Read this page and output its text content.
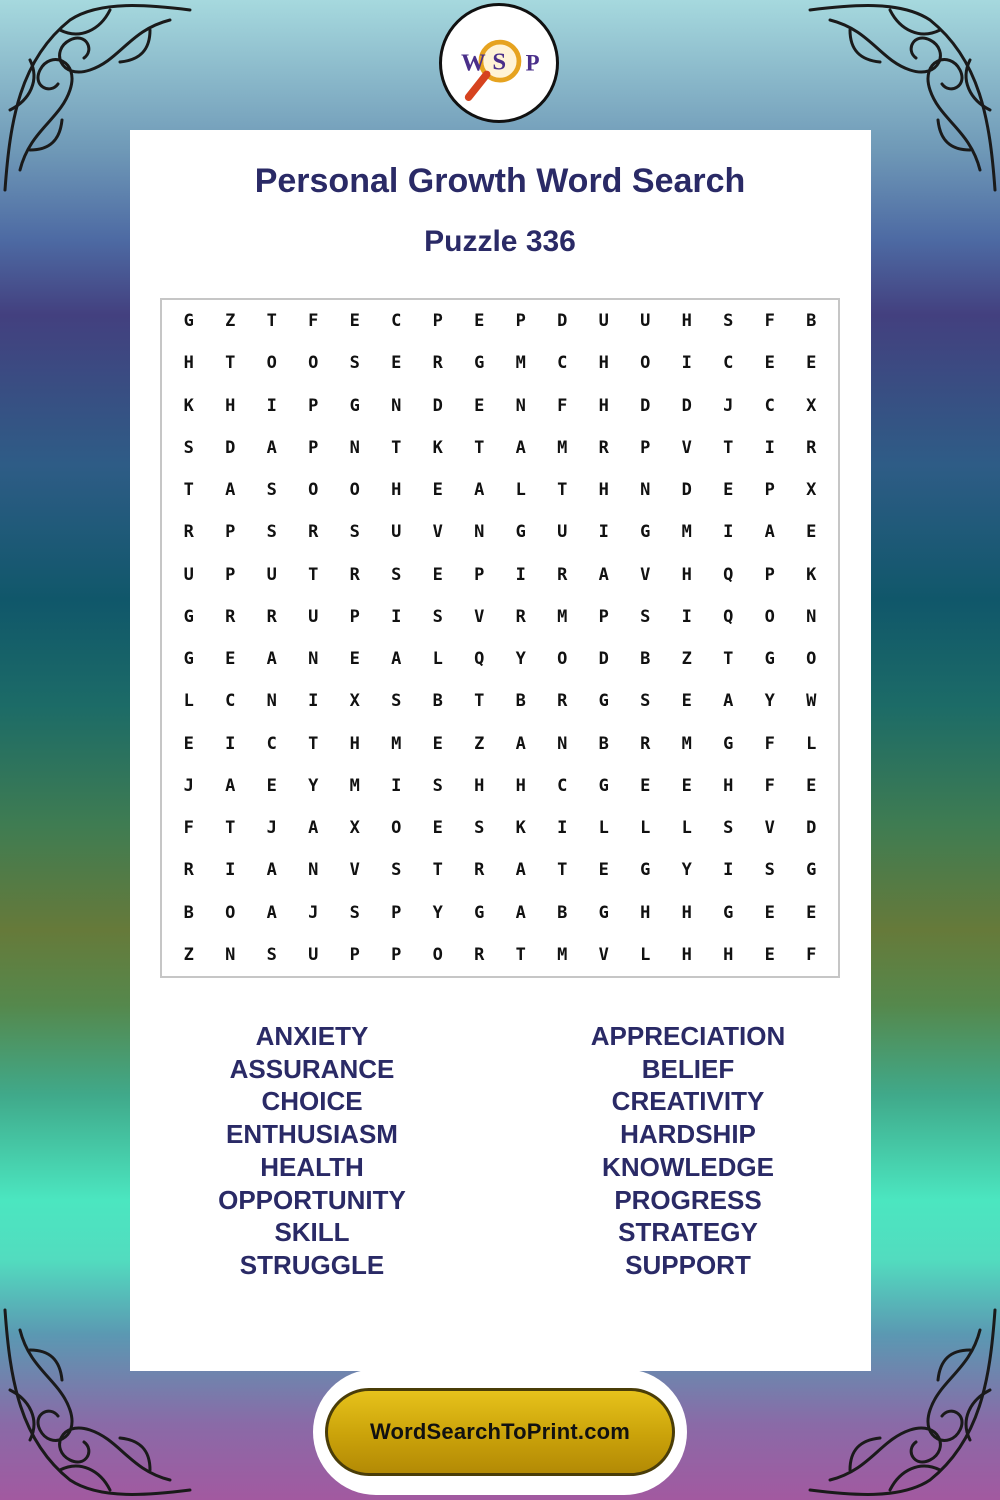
W S P
Personal Growth Word Search
Puzzle 336
G	Z	T	F	E	C	P	E	P	D	U	U	H	S	F	B
H	T	O	O	S	E	R	G	M	C	H	O	I	C	E	E
K	H	I	P	G	N	D	E	N	F	H	D	D	J	C	X
S	D	A	P	N	T	K	T	A	M	R	P	V	T	I	R
T	A	S	O	O	H	E	A	L	T	H	N	D	E	P	X
R	P	S	R	S	U	V	N	G	U	I	G	M	I	A	E
U	P	U	T	R	S	E	P	I	R	A	V	H	Q	P	K
G	R	R	U	P	I	S	V	R	M	P	S	I	Q	O	N
G	E	A	N	E	A	L	Q	Y	O	D	B	Z	T	G	O
L	C	N	I	X	S	B	T	B	R	G	S	E	A	Y	W
E	I	C	T	H	M	E	Z	A	N	B	R	M	G	F	L
J	A	E	Y	M	I	S	H	H	C	G	E	E	H	F	E
F	T	J	A	X	O	E	S	K	I	L	L	L	S	V	D
R	I	A	N	V	S	T	R	A	T	E	G	Y	I	S	G
B	O	A	J	S	P	Y	G	A	B	G	H	H	G	E	E
Z	N	S	U	P	P	O	R	T	M	V	L	H	H	E	F
ANXIETY
ASSURANCE
CHOICE
ENTHUSIASM
HEALTH
OPPORTUNITY
SKILL
STRUGGLE
APPRECIATION
BELIEF
CREATIVITY
HARDSHIP
KNOWLEDGE
PROGRESS
STRATEGY
SUPPORT
WordSearchToPrint.com
